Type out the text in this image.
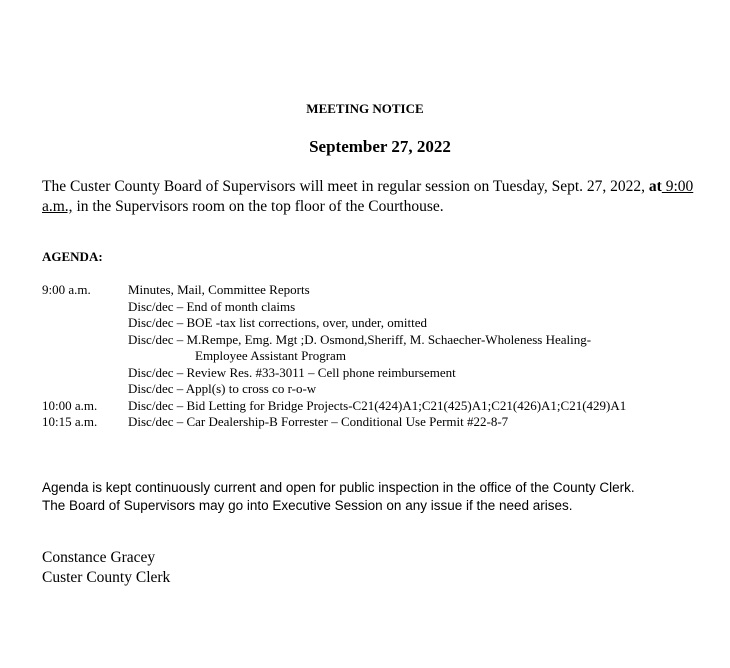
MEETING NOTICE
September 27, 2022
The Custer County Board of Supervisors will meet in regular session on Tuesday, Sept. 27, 2022, at 9:00 a.m., in the Supervisors room on the top floor of the Courthouse.
AGENDA:
9:00 a.m.	Minutes, Mail, Committee Reports
Disc/dec – End of month claims
Disc/dec – BOE -tax list corrections, over, under, omitted
Disc/dec – M.Rempe, Emg. Mgt ;D. Osmond,Sheriff, M. Schaecher-Wholeness Healing-
Employee Assistant Program
Disc/dec – Review Res. #33-3011 – Cell phone reimbursement
Disc/dec – Appl(s) to cross co r-o-w
10:00 a.m. Disc/dec – Bid Letting for Bridge Projects-C21(424)A1;C21(425)A1;C21(426)A1;C21(429)A1
10:15 a.m. Disc/dec – Car Dealership-B Forrester – Conditional Use Permit #22-8-7
Agenda is kept continuously current and open for public inspection in the office of the County Clerk.
The Board of Supervisors may go into Executive Session on any issue if the need arises.
Constance Gracey
Custer County Clerk
